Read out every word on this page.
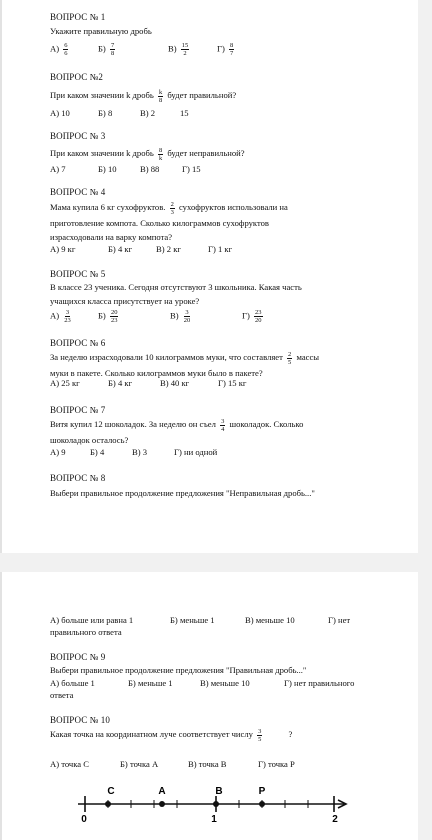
ВОПРОС № 1
Укажите правильную дробь
$А) \frac{6}{6}$	$Б) \frac{7}{8}$	$В) \frac{15}{2}$	$Г) \frac{8}{7}$
ВОПРОС №2
При каком значении k дробь $\frac{k}{8}$ будет правильной?
А) 10	Б) 8	В) 2	15
ВОПРОС № 3
При каком значении k дробь $\frac{8}{k}$ будет неправильной?
А) 7	Б) 10	В) 88	Г) 15
ВОПРОС № 4
Мама купила 6 кг сухофруктов. $\frac{2}{3}$ сухофруктов использовали на
приготовление компота. Сколько килограммов сухофруктов
израсходовали на варку компота?
А) 9 кг	Б) 4 кг	В) 2 кг	Г) 1 кг
ВОПРОС № 5
В классе 23 ученика. Сегодня отсутствуют 3 школьника. Какая часть
учащихся класса присутствует на уроке?
$А) \frac{3}{23}$	$Б) \frac{20}{23}$	$В) \frac{3}{20}$	$Г) \frac{23}{20}$
ВОПРОС № 6
За неделю израсходовали 10 килограммов муки, что составляет $\frac{2}{5}$ массы
муки в пакете. Сколько килограммов муки было в пакете?
А) 25 кг	Б) 4 кг	В) 40 кг	Г) 15 кг
ВОПРОС № 7
Витя купил 12 шоколадок. За неделю он съел $\frac{3}{4}$ шоколадок. Сколько
шоколадок осталось?
А) 9	Б) 4	В) 3	Г) ни одной
ВОПРОС № 8
Выбери правильное продолжение предложения "Неправильная дробь..."
А) больше или равна 1	Б) меньше 1	В) меньше 10	Г) нет
правильного ответа
ВОПРОС № 9
Выбери правильное продолжение предложения "Правильная дробь..."
А) больше 1	Б) меньше 1	В) меньше 10	Г) нет правильного
ответа
ВОПРОС № 10
Какая точка на координатном луче соответствует числу $\frac{3}{5}$	?
А) точка С	Б) точка А	В) точка В	Г) точка Р
0	1	2
C	A	B	P
